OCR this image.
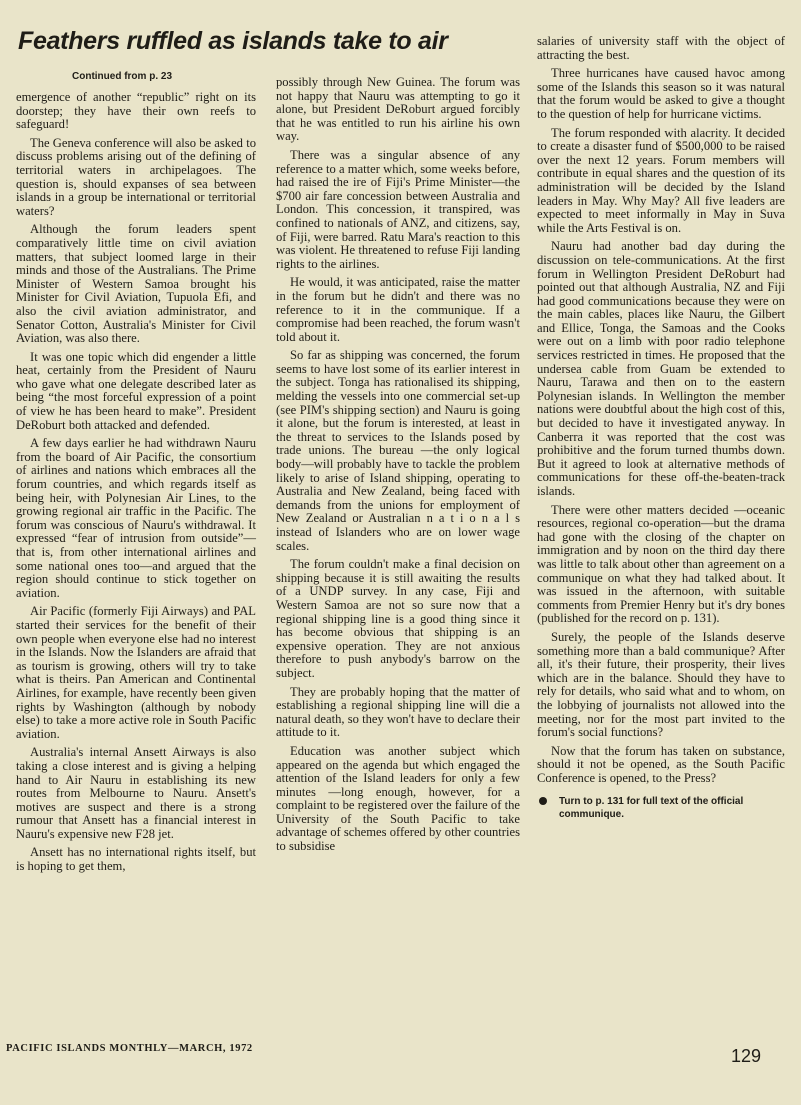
Feathers ruffled as islands take to air
Continued from p. 23

emergence of another “republic” right on its doorstep; they have their own reefs to safeguard!

The Geneva conference will also be asked to discuss problems arising out of the defining of territorial waters in archipelagoes. The question is, should expanses of sea between islands in a group be international or territorial waters?

Although the forum leaders spent comparatively little time on civil aviation matters, that subject loomed large in their minds and those of the Australians. The Prime Minister of Western Samoa brought his Minister for Civil Aviation, Tupuola Efi, and also the civil aviation administrator, and Senator Cotton, Australia's Minister for Civil Aviation, was also there.

It was one topic which did engender a little heat, certainly from the President of Nauru who gave what one delegate described later as being “the most forceful expression of a point of view he has been heard to make”. President DeRoburt both attacked and defended.

A few days earlier he had withdrawn Nauru from the board of Air Pacific, the consortium of airlines and nations which embraces all the forum countries, and which regards itself as being heir, with Polynesian Air Lines, to the growing regional air traffic in the Pacific. The forum was conscious of Nauru's withdrawal. It expressed “fear of intrusion from outside”—that is, from other international airlines and some national ones too—and argued that the region should continue to stick together on aviation.

Air Pacific (formerly Fiji Airways) and PAL started their services for the benefit of their own people when everyone else had no interest in the Islands. Now the Islanders are afraid that as tourism is growing, others will try to take what is theirs. Pan American and Continental Airlines, for example, have recently been given rights by Washington (although by nobody else) to take a more active role in South Pacific aviation.

Australia's internal Ansett Airways is also taking a close interest and is giving a helping hand to Air Nauru in establishing its new routes from Melbourne to Nauru. Ansett's motives are suspect and there is a strong rumour that Ansett has a financial interest in Nauru's expensive new F28 jet.

Ansett has no international rights itself, but is hoping to get them,

possibly through New Guinea. The forum was not happy that Nauru was attempting to go it alone, but President DeRoburt argued forcibly that he was entitled to run his airline his own way.

There was a singular absence of any reference to a matter which, some weeks before, had raised the ire of Fiji's Prime Minister—the $700 air fare concession between Australia and London. This concession, it transpired, was confined to nationals of ANZ, and citizens, say, of Fiji, were barred. Ratu Mara's reaction to this was violent. He threatened to refuse Fiji landing rights to the airlines.

He would, it was anticipated, raise the matter in the forum but he didn't and there was no reference to it in the communique. If a compromise had been reached, the forum wasn't told about it.

So far as shipping was concerned, the forum seems to have lost some of its earlier interest in the subject. Tonga has rationalised its shipping, melding the vessels into one commercial set-up (see PIM's shipping section) and Nauru is going it alone, but the forum is interested, at least in the threat to services to the Islands posed by trade unions. The bureau —the only logical body—will probably have to tackle the problem likely to arise of Island shipping, operating to Australia and New Zealand, being faced with demands from the unions for employment of New Zealand or Australian n a t i o n a l s instead of Islanders who are on lower wage scales.

The forum couldn't make a final decision on shipping because it is still awaiting the results of a UNDP survey. In any case, Fiji and Western Samoa are not so sure now that a regional shipping line is a good thing since it has become obvious that shipping is an expensive operation. They are not anxious therefore to push anybody's barrow on the subject.

They are probably hoping that the matter of establishing a regional shipping line will die a natural death, so they won't have to declare their attitude to it.

Education was another subject which appeared on the agenda but which engaged the attention of the Island leaders for only a few minutes —long enough, however, for a complaint to be registered over the failure of the University of the South Pacific to take advantage of schemes offered by other countries to subsidise

salaries of university staff with the object of attracting the best.

Three hurricanes have caused havoc among some of the Islands this season so it was natural that the forum would be asked to give a thought to the question of help for hurricane victims.

The forum responded with alacrity. It decided to create a disaster fund of $500,000 to be raised over the next 12 years. Forum members will contribute in equal shares and the question of its administration will be decided by the Island leaders in May. Why May? All five leaders are expected to meet informally in May in Suva while the Arts Festival is on.

Nauru had another bad day during the discussion on tele-communications. At the first forum in Wellington President DeRoburt had pointed out that although Australia, NZ and Fiji had good communications because they were on the main cables, places like Nauru, the Gilbert and Ellice, Tonga, the Samoas and the Cooks were out on a limb with poor radio telephone services restricted in times. He proposed that the undersea cable from Guam be extended to Nauru, Tarawa and then on to the eastern Polynesian islands. In Wellington the member nations were doubtful about the high cost of this, but decided to have it investigated anyway. In Canberra it was reported that the cost was prohibitive and the forum turned thumbs down. But it agreed to look at alternative methods of communications for these off-the-beaten-track islands.

There were other matters decided —oceanic resources, regional co-operation—but the drama had gone with the closing of the chapter on immigration and by noon on the third day there was little to talk about other than agreement on a communique on what they had talked about. It was issued in the afternoon, with suitable comments from Premier Henry but it's dry bones (published for the record on p. 131).

Surely, the people of the Islands deserve something more than a bald communique? After all, it's their future, their prosperity, their lives which are in the balance. Should they have to rely for details, who said what and to whom, on the lobbying of journalists not allowed into the meeting, nor for the most part invited to the forum's social functions?

Now that the forum has taken on substance, should it not be opened, as the South Pacific Conference is opened, to the Press?

Turn to p. 131 for full text of the official communique.
PACIFIC ISLANDS MONTHLY—MARCH, 1972	129
